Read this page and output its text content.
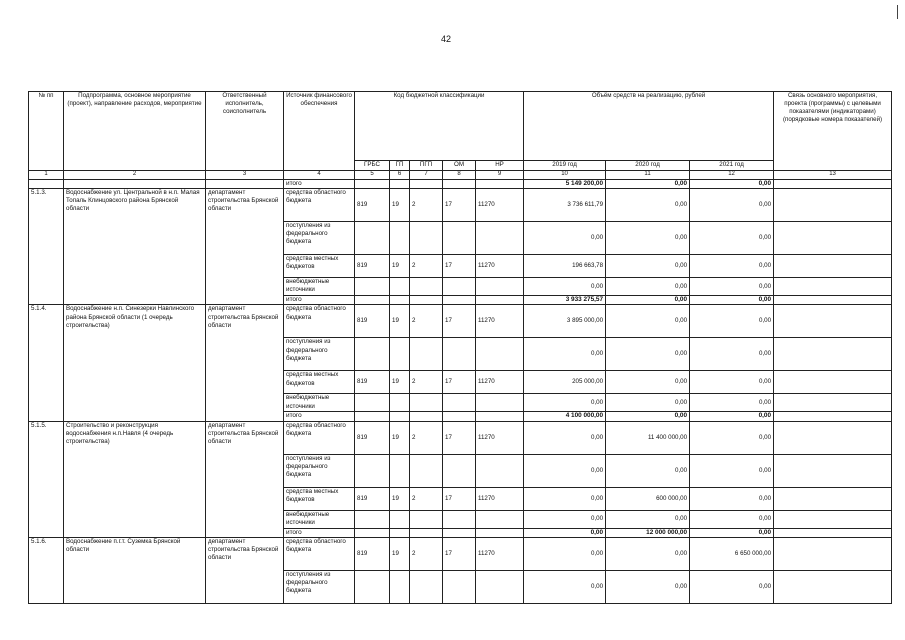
42
№ пп	Подпрограмма, основное мероприятие (проект), направление расходов, мероприятие	Ответственный исполнитель, соисполнитель	Источник финансового обеспечения	Код бюджетной классификации					Объём средств на реализацию, рублей			Связь основного мероприятия, проекта (программы) с целевыми показателями (индикаторами) (порядковые номера показателей)
				ГРБС	ГП	ПГП	ОМ	НР	2019 год	2020 год	2021 год	
1	2	3	4	5	6	7	8	9	10	11	12	13
			итого						5 149 200,00	0,00	0,00	
5.1.3.	Водоснабжение ул. Центральной в н.п. Малая Топаль Клинцовского района Брянской области	департамент строительства Брянской области	средства областного бюджета	819	19	2	17	11270	3 736 611,79	0,00	0,00	
			поступления из федерального бюджета						0,00	0,00	0,00	
			средства местных бюджетов	819	19	2	17	11270	196 663,78	0,00	0,00	
			внебюджетные источники						0,00	0,00	0,00	
			итого						3 933 275,57	0,00	0,00	
5.1.4.	Водоснабжение н.п. Синезерки Навлинского района Брянской области (1 очередь строительства)	департамент строительства Брянской области	средства областного бюджета	819	19	2	17	11270	3 895 000,00	0,00	0,00	
			поступления из федерального бюджета						0,00	0,00	0,00	
			средства местных бюджетов	819	19	2	17	11270	205 000,00	0,00	0,00	
			внебюджетные источники						0,00	0,00	0,00	
			итого						4 100 000,00	0,00	0,00	
5.1.5.	Строительство и реконструкция водоснабжения н.п.Навля (4 очередь строительства)	департамент строительства Брянской области	средства областного бюджета	819	19	2	17	11270	0,00	11 400 000,00	0,00	
			поступления из федерального бюджета						0,00	0,00	0,00	
			средства местных бюджетов	819	19	2	17	11270	0,00	600 000,00	0,00	
			внебюджетные источники						0,00	0,00	0,00	
			итого						0,00	12 000 000,00	0,00	
5.1.6.	Водоснабжение п.г.т. Суземка Брянской области	департамент строительства Брянской области	средства областного бюджета	819	19	2	17	11270	0,00	0,00	6 650 000,00	
			поступления из федерального бюджета						0,00	0,00	0,00	
